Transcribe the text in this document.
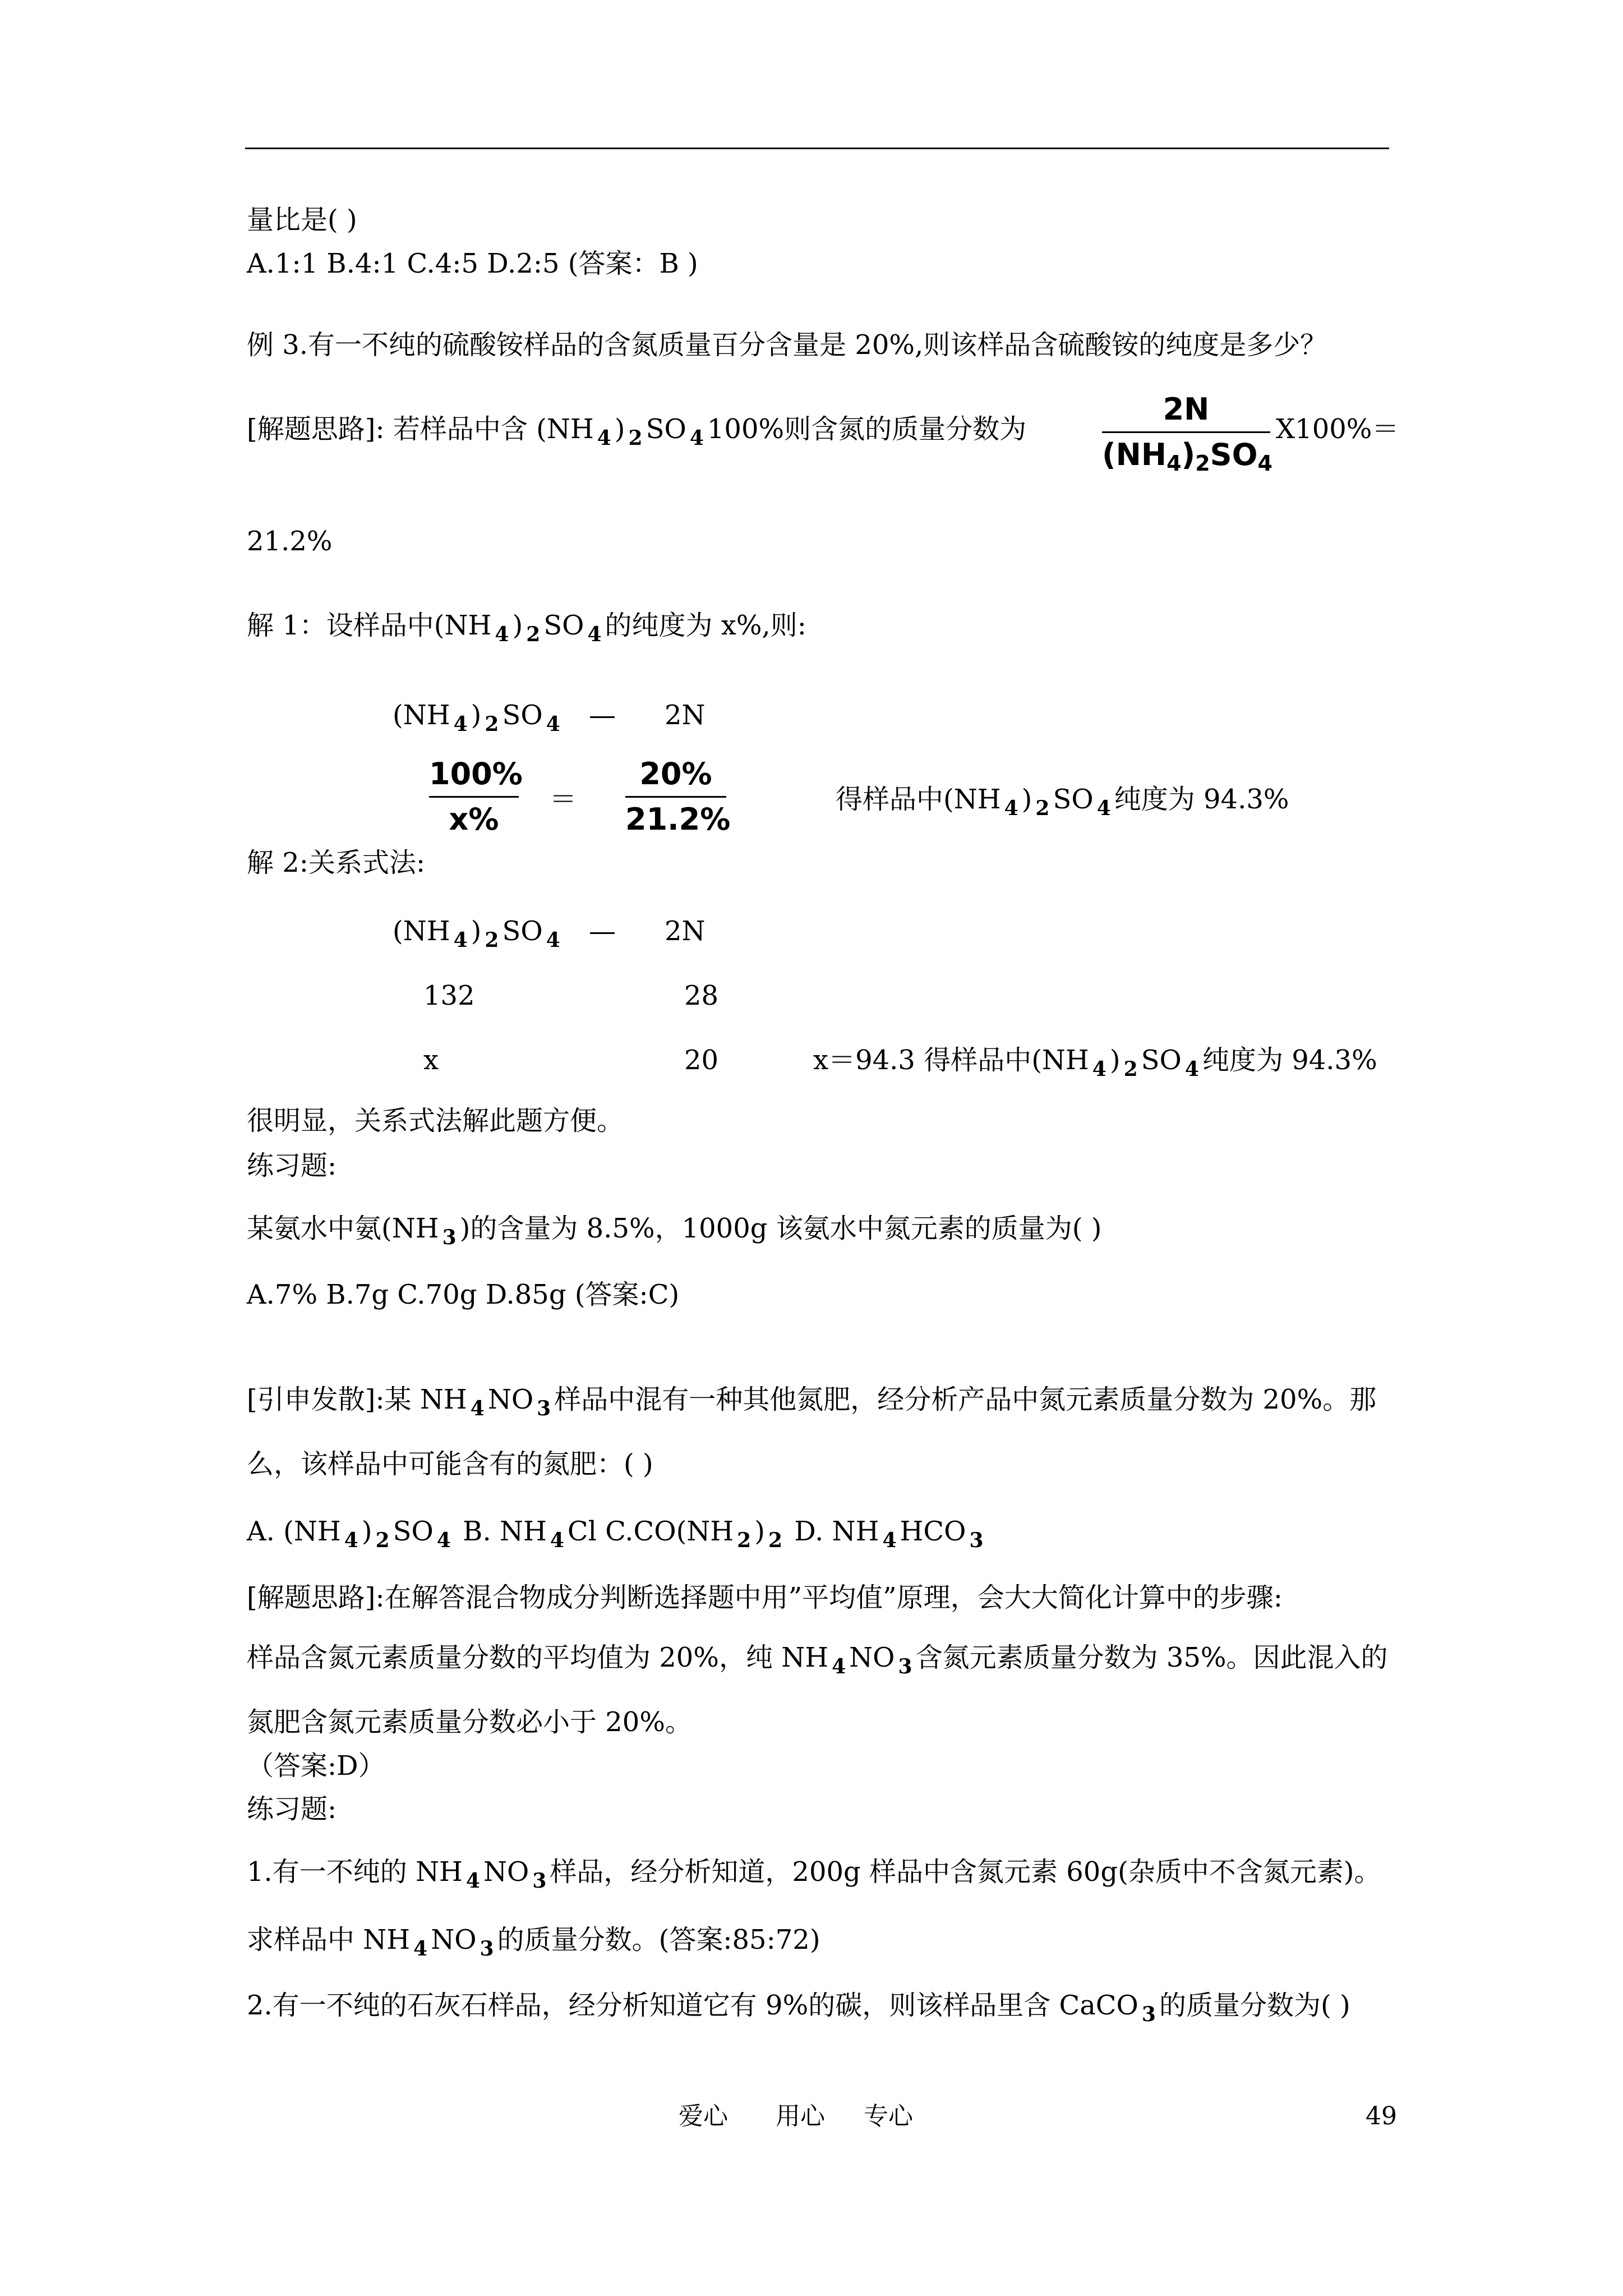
量比是( )
A.1:1 B.4:1 C.4:5 D.2:5 (答案：B )
例 3.有一不纯的硫酸铵样品的含氮质量百分含量是 20%,则该样品含硫酸铵的纯度是多少？
[解题思路]: 若样品中含 (NH $_4$ ) $_2$ SO $_4$ 100%则含氮的质量分数为
2N
(NH4)2SO4
X100%＝
21.2%
解 1：设样品中(NH $_4$ ) $_2$ SO $_4$ 的纯度为 x%,则:
(NH $_4$ ) $_2$ SO $_4$ — 2N
100%
x%
＝
20%
21.2%
得样品中(NH $_4$ ) $_2$ SO $_4$ 纯度为 94.3%
解 2:关系式法:
(NH $_4$ ) $_2$ SO $_4$ — 2N
132	28
x	20	x＝94.3 得样品中(NH $_4$ ) $_2$ SO $_4$ 纯度为 94.3%
很明显，关系式法解此题方便。
练习题:
某氨水中氨(NH $_3$ )的含量为 8.5%，1000g 该氨水中氮元素的质量为( )
A.7% B.7g C.70g D.85g (答案:C)
[引申发散]:某 NH $_4$ NO $_3$ 样品中混有一种其他氮肥，经分析产品中氮元素质量分数为 20%。那
么，该样品中可能含有的氮肥：( )
A. (NH $_4$ ) $_2$ SO $_4$ B. NH $_4$ Cl C.CO(NH $_2$ ) $_2$ D. NH $_4$ HCO $_3$
[解题思路]:在解答混合物成分判断选择题中用”平均值”原理，会大大简化计算中的步骤:
样品含氮元素质量分数的平均值为 20%，纯 NH $_4$ NO $_3$ 含氮元素质量分数为 35%。因此混入的
氮肥含氮元素质量分数必小于 20%。
（答案:D）
练习题:
1.有一不纯的 NH $_4$ NO $_3$ 样品，经分析知道，200g 样品中含氮元素 60g(杂质中不含氮元素)。
求样品中 NH $_4$ NO $_3$ 的质量分数。(答案:85:72)
2.有一不纯的石灰石样品，经分析知道它有 9%的碳，则该样品里含 CaCO $_3$ 的质量分数为( )
爱心 用心 专心	49
